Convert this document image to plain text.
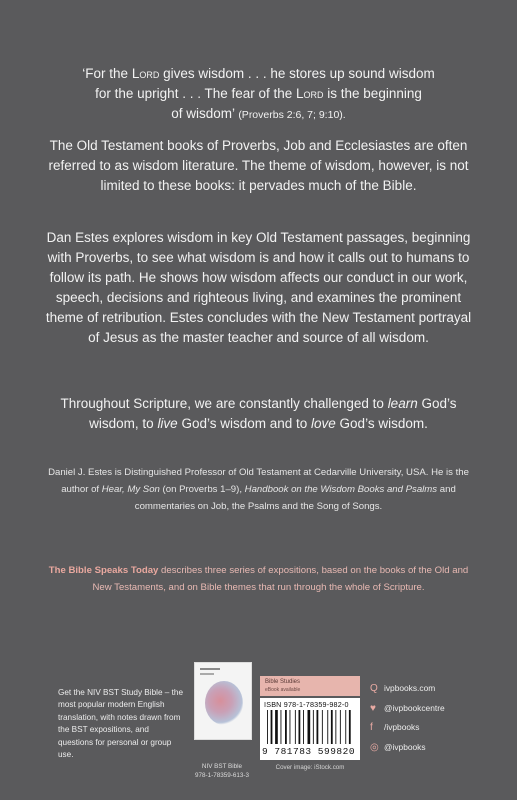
‘For the Lord gives wisdom . . . he stores up sound wisdom
for the upright . . . The fear of the Lord is the beginning
of wisdom’ (Proverbs 2:6, 7; 9:10).
The Old Testament books of Proverbs, Job and Ecclesiastes are often referred to as wisdom literature. The theme of wisdom, however, is not limited to these books: it pervades much of the Bible.
Dan Estes explores wisdom in key Old Testament passages, beginning with Proverbs, to see what wisdom is and how it calls out to humans to follow its path. He shows how wisdom affects our conduct in our work, speech, decisions and righteous living, and examines the prominent theme of retribution. Estes concludes with the New Testament portrayal of Jesus as the master teacher and source of all wisdom.
Throughout Scripture, we are constantly challenged to learn God’s wisdom, to live God’s wisdom and to love God’s wisdom.
Daniel J. Estes is Distinguished Professor of Old Testament at Cedarville University, USA. He is the author of Hear, My Son (on Proverbs 1–9), Handbook on the Wisdom Books and Psalms and commentaries on Job, the Psalms and the Song of Songs.
The Bible Speaks Today describes three series of expositions, based on the books of the Old and New Testaments, and on Bible themes that run through the whole of Scripture.
Get the NIV BST Study Bible – the most popular modern English translation, with notes drawn from the BST expositions, and questions for personal or group use.
NIV BST Bible
978-1-78359-613-3
Bible Studies
eBook available
ISBN 978-1-78359-982-0
9 781783 599820
Cover image: iStock.com
Q ivpbooks.com
♥ @ivpbookcentre
f /ivpbooks
◎ @ivpbooks
